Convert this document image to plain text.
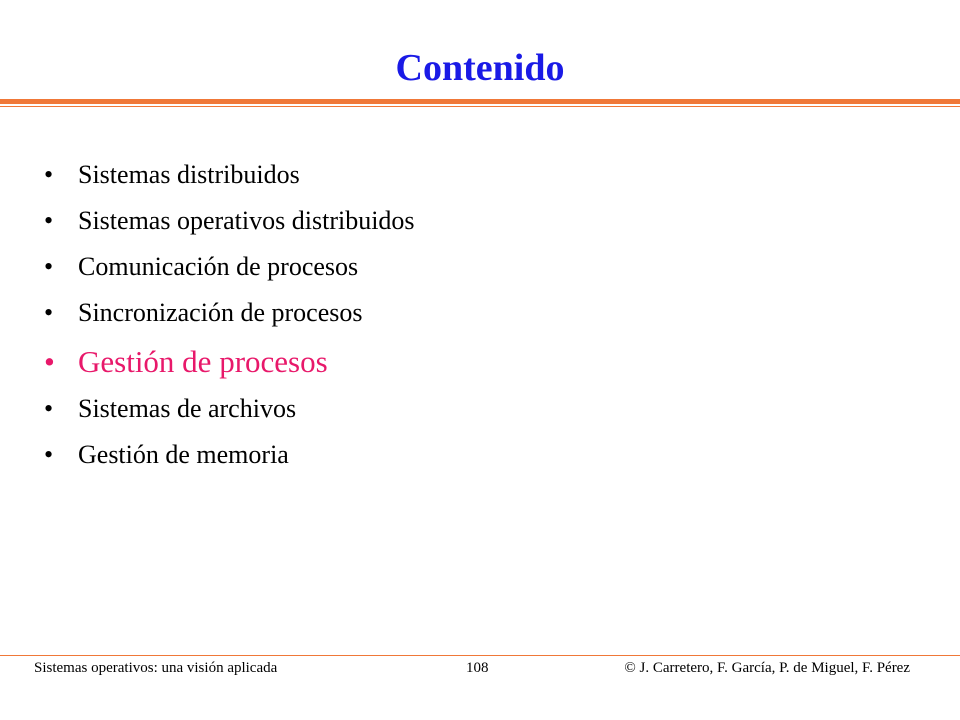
Contenido
• Sistemas distribuidos
• Sistemas operativos distribuidos
• Comunicación de procesos
• Sincronización de procesos
• Gestión de procesos
• Sistemas de archivos
• Gestión de memoria
Sistemas operativos: una visión aplicada	108	© J. Carretero, F. García, P. de Miguel, F. Pérez
